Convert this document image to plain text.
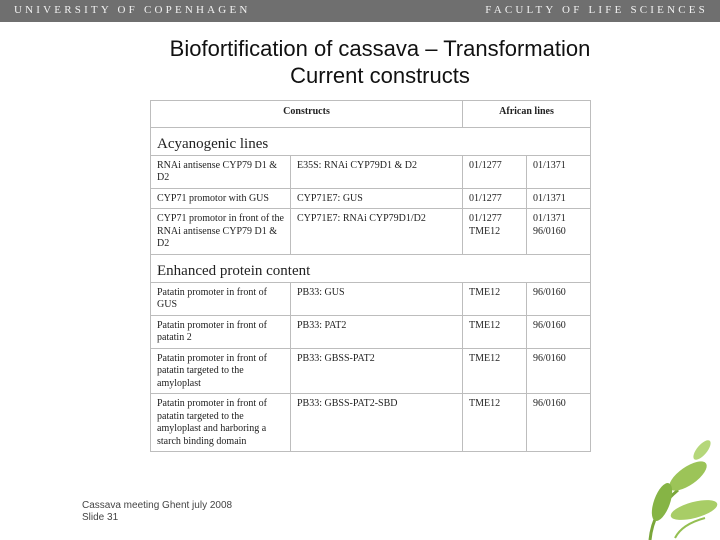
UNIVERSITY OF COPENHAGEN	FACULTY OF LIFE SCIENCES
Biofortification of cassava – Transformation
Current constructs
Constructs		African lines	
Acyanogenic lines			
RNAi antisense CYP79 D1 & D2	E35S: RNAi CYP79D1 & D2	01/1277	01/1371
CYP71 promotor with GUS	CYP71E7: GUS	01/1277	01/1371
CYP71 promotor in front of the RNAi antisense CYP79 D1 & D2	CYP71E7: RNAi CYP79D1/D2	01/1277 TME12	01/1371 96/0160
Enhanced protein content			
Patatin promoter in front of GUS	PB33: GUS	TME12	96/0160
Patatin promoter in front of patatin 2	PB33: PAT2	TME12	96/0160
Patatin promoter in front of patatin targeted to the amyloplast	PB33: GBSS-PAT2	TME12	96/0160
Patatin promoter in front of patatin targeted to the amyloplast and harboring a starch binding domain	PB33: GBSS-PAT2-SBD	TME12	96/0160
Cassava meeting Ghent july 2008
Slide 31
